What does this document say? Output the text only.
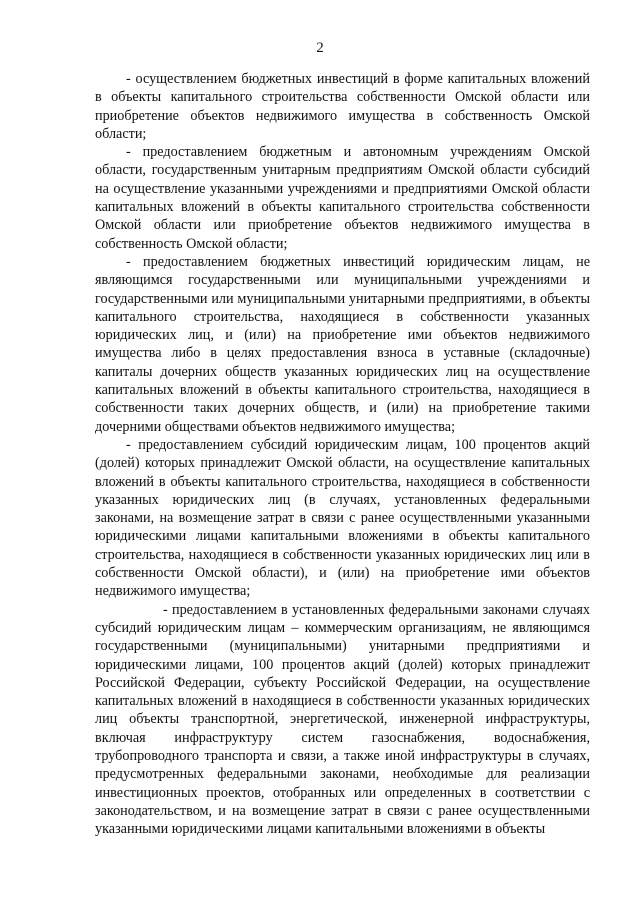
2

- осуществлением бюджетных инвестиций в форме капитальных вложений в объекты капитального строительства собственности Омской области или приобретение объектов недвижимого имущества в собственность Омской области;

- предоставлением бюджетным и автономным учреждениям Омской области, государственным унитарным предприятиям Омской области субсидий на осуществление указанными учреждениями и предприятиями Омской области капитальных вложений в объекты капитального строительства собственности Омской области или приобретение объектов недвижимого имущества в собственность Омской области;

- предоставлением бюджетных инвестиций юридическим лицам, не являющимся государственными или муниципальными учреждениями и государственными или муниципальными унитарными предприятиями, в объекты капитального строительства, находящиеся в собственности указанных юридических лиц, и (или) на приобретение ими объектов недвижимого имущества либо в целях предоставления взноса в уставные (складочные) капиталы дочерних обществ указанных юридических лиц на осуществление капитальных вложений в объекты капитального строительства, находящиеся в собственности таких дочерних обществ, и (или) на приобретение такими дочерними обществами объектов недвижимого имущества;

- предоставлением субсидий юридическим лицам, 100 процентов акций (долей) которых принадлежит Омской области, на осуществление капитальных вложений в объекты капитального строительства, находящиеся в собственности указанных юридических лиц (в случаях, установленных федеральными законами, на возмещение затрат в связи с ранее осуществленными указанными юридическими лицами капитальными вложениями в объекты капитального строительства, находящиеся в собственности указанных юридических лиц или в собственности Омской области), и (или) на приобретение ими объектов недвижимого имущества;

- предоставлением в установленных федеральными законами случаях субсидий юридическим лицам – коммерческим организациям, не являющимся государственными (муниципальными) унитарными предприятиями и юридическими лицами, 100 процентов акций (долей) которых принадлежит Российской Федерации, субъекту Российской Федерации, на осуществление капитальных вложений в находящиеся в собственности указанных юридических лиц объекты транспортной, энергетической, инженерной инфраструктуры, включая инфраструктуру систем газоснабжения, водоснабжения, трубопроводного транспорта и связи, а также иной инфраструктуры в случаях, предусмотренных федеральными законами, необходимые для реализации инвестиционных проектов, отобранных или определенных в соответствии с законодательством, и на возмещение затрат в связи с ранее осуществленными указанными юридическими лицами капитальными вложениями в объекты
